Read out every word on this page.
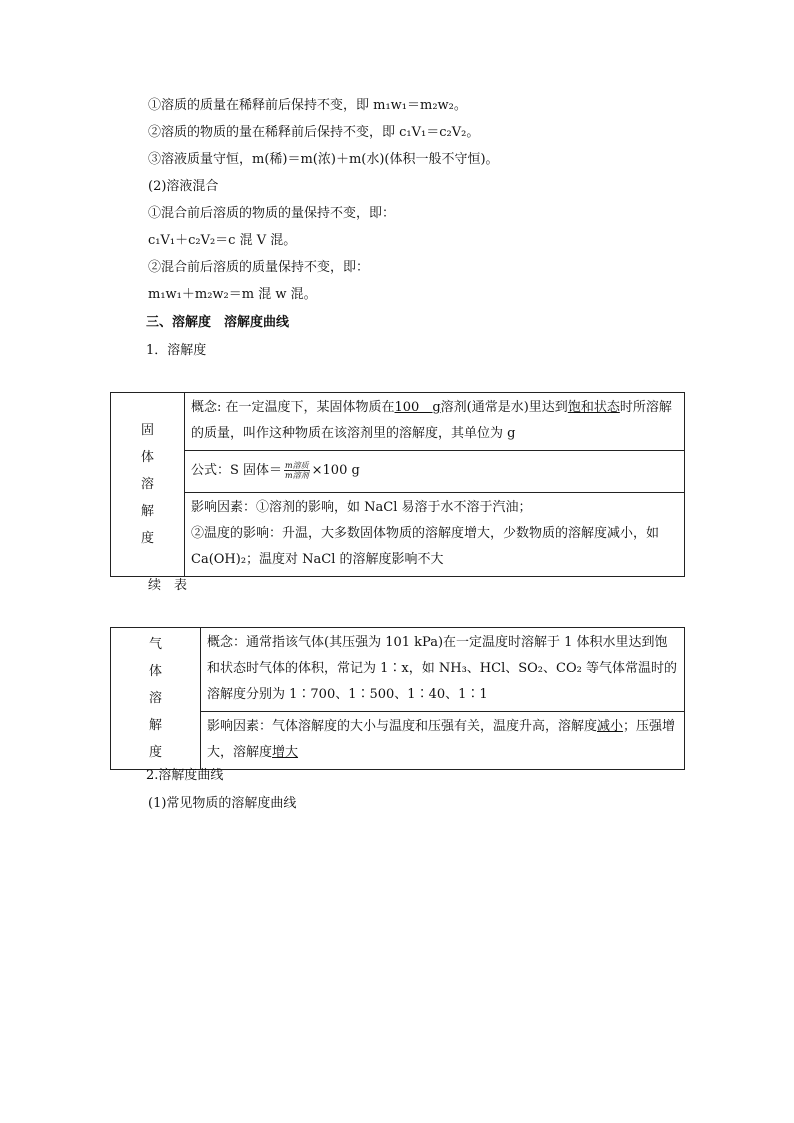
①溶质的质量在稀释前后保持不变，即 m₁w₁＝m₂w₂。
②溶质的物质的量在稀释前后保持不变，即 c₁V₁＝c₂V₂。
③溶液质量守恒，m(稀)＝m(浓)＋m(水)(体积一般不守恒)。
(2)溶液混合
①混合前后溶质的物质的量保持不变，即：
c₁V₁＋c₂V₂＝c 混 V 混。
②混合前后溶质的质量保持不变，即：
m₁w₁＋m₂w₂＝m 混 w 混。
三、溶解度　溶解度曲线
1．溶解度
固
体
溶
解
度
	概念: 在一定温度下，某固体物质在100　g溶剂(通常是水)里达到饱和状态时所溶解的质量，叫作这种物质在该溶剂里的溶解度，其单位为 g
公式：S 固体＝ $\frac{\text{m溶质}}{\text{m溶剂}} \times 100$ g

影响因素：①溶剂的影响，如 NaCl 易溶于水不溶于汽油；
②温度的影响：升温，大多数固体物质的溶解度增大，少数物质的溶解度减小，如 Ca(OH)₂；温度对 NaCl 的溶解度影响不大
续　表
气
体
溶
解
度
	概念：通常指该气体(其压强为 101 kPa)在一定温度时溶解于 1 体积水里达到饱和状态时气体的体积，常记为 1∶x，如 NH₃、HCl、SO₂、CO₂ 等气体常温时的溶解度分别为 1∶700、1∶500、1∶40、1∶1
影响因素：气体溶解度的大小与温度和压强有关，温度升高，溶解度减小；压强增大，溶解度增大
2.溶解度曲线
(1)常见物质的溶解度曲线
